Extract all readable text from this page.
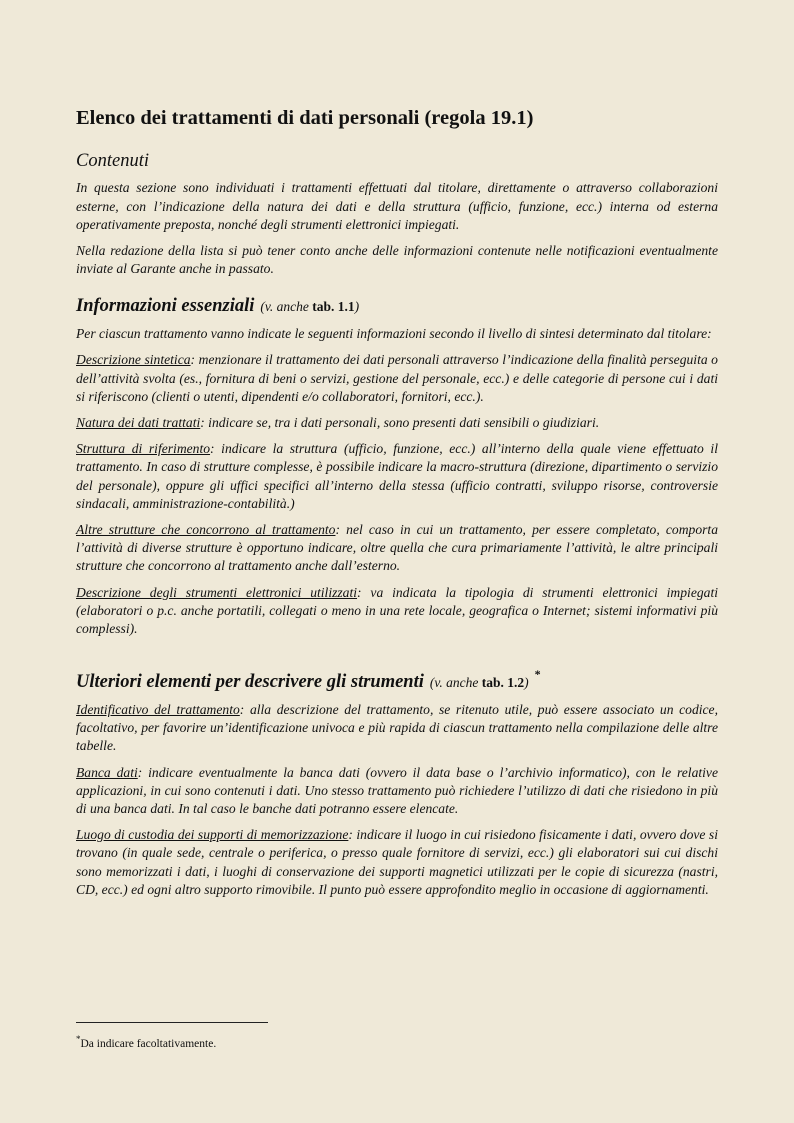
Elenco dei trattamenti di dati personali (regola 19.1)
Contenuti

In questa sezione sono individuati i trattamenti effettuati dal titolare, direttamente o attraverso collaborazioni esterne, con l’indicazione della natura dei dati e della struttura (ufficio, funzione, ecc.) interna od esterna operativamente preposta, nonché degli strumenti elettronici impiegati.

Nella redazione della lista si può tener conto anche delle informazioni contenute nelle notificazioni eventualmente inviate al Garante anche in passato.

Informazioni essenziali (v. anche tab. 1.1)

Per ciascun trattamento vanno indicate le seguenti informazioni secondo il livello di sintesi determinato dal titolare:

Descrizione sintetica: menzionare il trattamento dei dati personali attraverso l’indicazione della finalità perseguita o dell’attività svolta (es., fornitura di beni o servizi, gestione del personale, ecc.) e delle categorie di persone cui i dati si riferiscono (clienti o utenti, dipendenti e/o collaboratori, fornitori, ecc.).

Natura dei dati trattati: indicare se, tra i dati personali, sono presenti dati sensibili o giudiziari.

Struttura di riferimento: indicare la struttura (ufficio, funzione, ecc.) all’interno della quale viene effettuato il trattamento. In caso di strutture complesse, è possibile indicare la macro-struttura (direzione, dipartimento o servizio del personale), oppure gli uffici specifici all’interno della stessa (ufficio contratti, sviluppo risorse, controversie sindacali, amministrazione-contabilità.)

Altre strutture che concorrono al trattamento: nel caso in cui un trattamento, per essere completato, comporta l’attività di diverse strutture è opportuno indicare, oltre quella che cura primariamente l’attività, le altre principali strutture che concorrono al trattamento anche dall’esterno.

Descrizione degli strumenti elettronici utilizzati: va indicata la tipologia di strumenti elettronici impiegati (elaboratori o p.c. anche portatili, collegati o meno in una rete locale, geografica o Internet; sistemi informativi più complessi).

Ulteriori elementi per descrivere gli strumenti (v. anche tab. 1.2) *

Identificativo del trattamento: alla descrizione del trattamento, se ritenuto utile, può essere associato un codice, facoltativo, per favorire un’identificazione univoca e più rapida di ciascun trattamento nella compilazione delle altre tabelle.

Banca dati: indicare eventualmente la banca dati (ovvero il data base o l’archivio informatico), con le relative applicazioni, in cui sono contenuti i dati. Uno stesso trattamento può richiedere l’utilizzo di dati che risiedono in più di una banca dati. In tal caso le banche dati potranno essere elencate.

Luogo di custodia dei supporti di memorizzazione: indicare il luogo in cui risiedono fisicamente i dati, ovvero dove si trovano (in quale sede, centrale o periferica, o presso quale fornitore di servizi, ecc.) gli elaboratori sui cui dischi sono memorizzati i dati, i luoghi di conservazione dei supporti magnetici utilizzati per le copie di sicurezza (nastri, CD, ecc.) ed ogni altro supporto rimovibile. Il punto può essere approfondito meglio in occasione di aggiornamenti.

*Da indicare facoltativamente.
